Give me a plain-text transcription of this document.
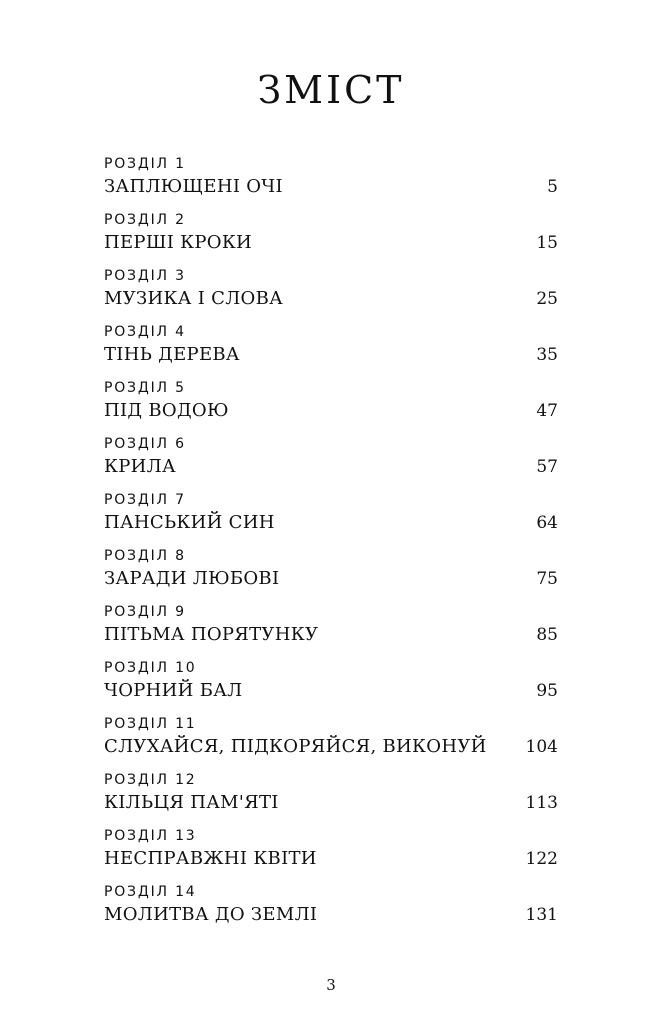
ЗМІСТ
РОЗДІЛ 1
ЗАПЛЮЩЕНІ ОЧІ	5
РОЗДІЛ 2
ПЕРШІ КРОКИ	15
РОЗДІЛ 3
МУЗИКА І СЛОВА	25
РОЗДІЛ 4
ТІНЬ ДЕРЕВА	35
РОЗДІЛ 5
ПІД ВОДОЮ	47
РОЗДІЛ 6
КРИЛА	57
РОЗДІЛ 7
ПАНСЬКИЙ СИН	64
РОЗДІЛ 8
ЗАРАДИ ЛЮБОВІ	75
РОЗДІЛ 9
ПІТЬМА ПОРЯТУНКУ	85
РОЗДІЛ 10
ЧОРНИЙ БАЛ	95
РОЗДІЛ 11
СЛУХАЙСЯ, ПІДКОРЯЙСЯ, ВИКОНУЙ 104
РОЗДІЛ 12
КІЛЬЦЯ ПАМ'ЯТІ	113
РОЗДІЛ 13
НЕСПРАВЖНІ КВІТИ	122
РОЗДІЛ 14
МОЛИТВА ДО ЗЕМЛІ	131
3
